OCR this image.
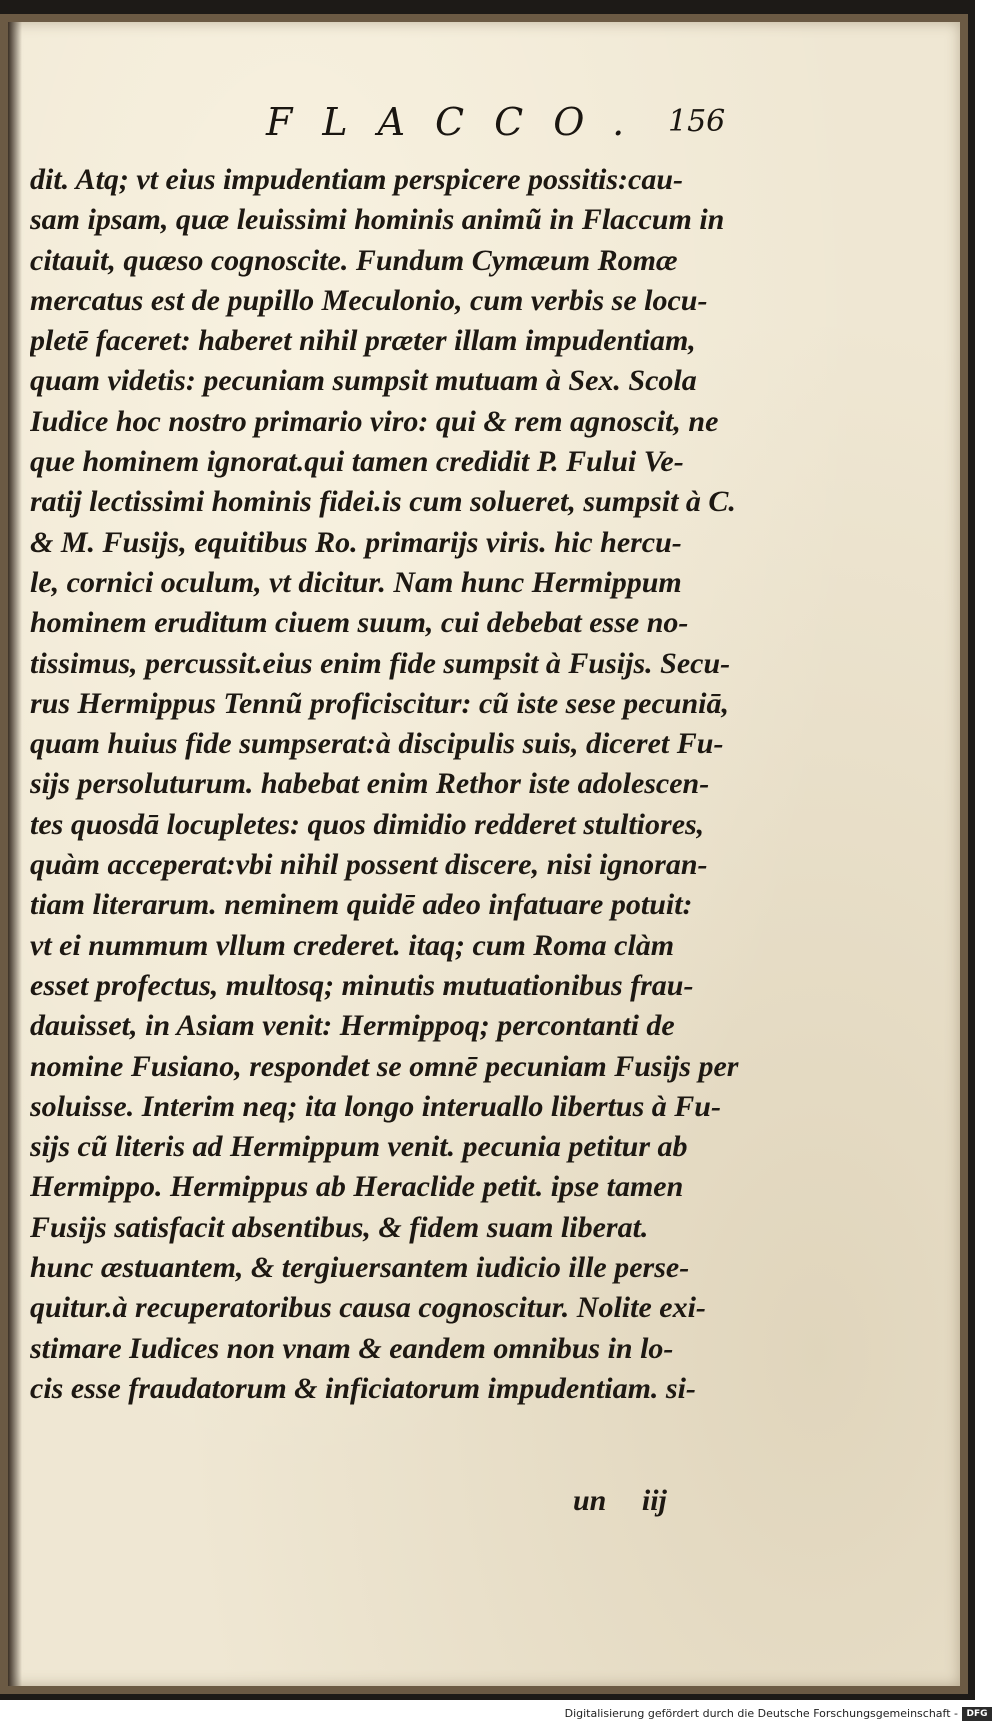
FLACCO. 156
dit. Atq; vt eius impudentiam perspicere possitis:cau-
sam ipsam, quæ leuissimi hominis animũ in Flaccum in
citauit, quæso cognoscite. Fundum Cymæum Romæ
mercatus est de pupillo Meculonio, cum verbis se locu-
pletē faceret: haberet nihil præter illam impudentiam,
quam videtis: pecuniam sumpsit mutuam à Sex. Scola
Iudice hoc nostro primario viro: qui & rem agnoscit, ne
que hominem ignorat.qui tamen credidit P. Fului Ve-
ratij lectissimi hominis fidei.is cum solueret, sumpsit à C.
& M. Fusijs, equitibus Ro. primarijs viris. hic hercu-
le, cornici oculum, vt dicitur. Nam hunc Hermippum
hominem eruditum ciuem suum, cui debebat esse no-
tissimus, percussit.eius enim fide sumpsit à Fusijs. Secu-
rus Hermippus Tennũ proficiscitur: cũ iste sese pecuniā,
quam huius fide sumpserat:à discipulis suis, diceret Fu-
sijs persoluturum. habebat enim Rethor iste adolescen-
tes quosdā locupletes: quos dimidio redderet stultiores,
quàm acceperat:vbi nihil possent discere, nisi ignoran-
tiam literarum. neminem quidē adeo infatuare potuit:
vt ei nummum vllum crederet. itaq; cum Roma clàm
esset profectus, multosq; minutis mutuationibus frau-
dauisset, in Asiam venit: Hermippoq; percontanti de
nomine Fusiano, respondet se omnē pecuniam Fusijs per
soluisse. Interim neq; ita longo interuallo libertus à Fu-
sijs cũ literis ad Hermippum venit. pecunia petitur ab
Hermippo. Hermippus ab Heraclide petit. ipse tamen
Fusijs satisfacit absentibus, & fidem suam liberat.
hunc æstuantem, & tergiuersantem iudicio ille perse-
quitur.à recuperatoribus causa cognoscitur. Nolite exi-
stimare Iudices non vnam & eandem omnibus in lo-
cis esse fraudatorum & inficiatorum impudentiam. si-
un iij
Digitalisierung gefördert durch die Deutsche Forschungsgemeinschaft - DFG
